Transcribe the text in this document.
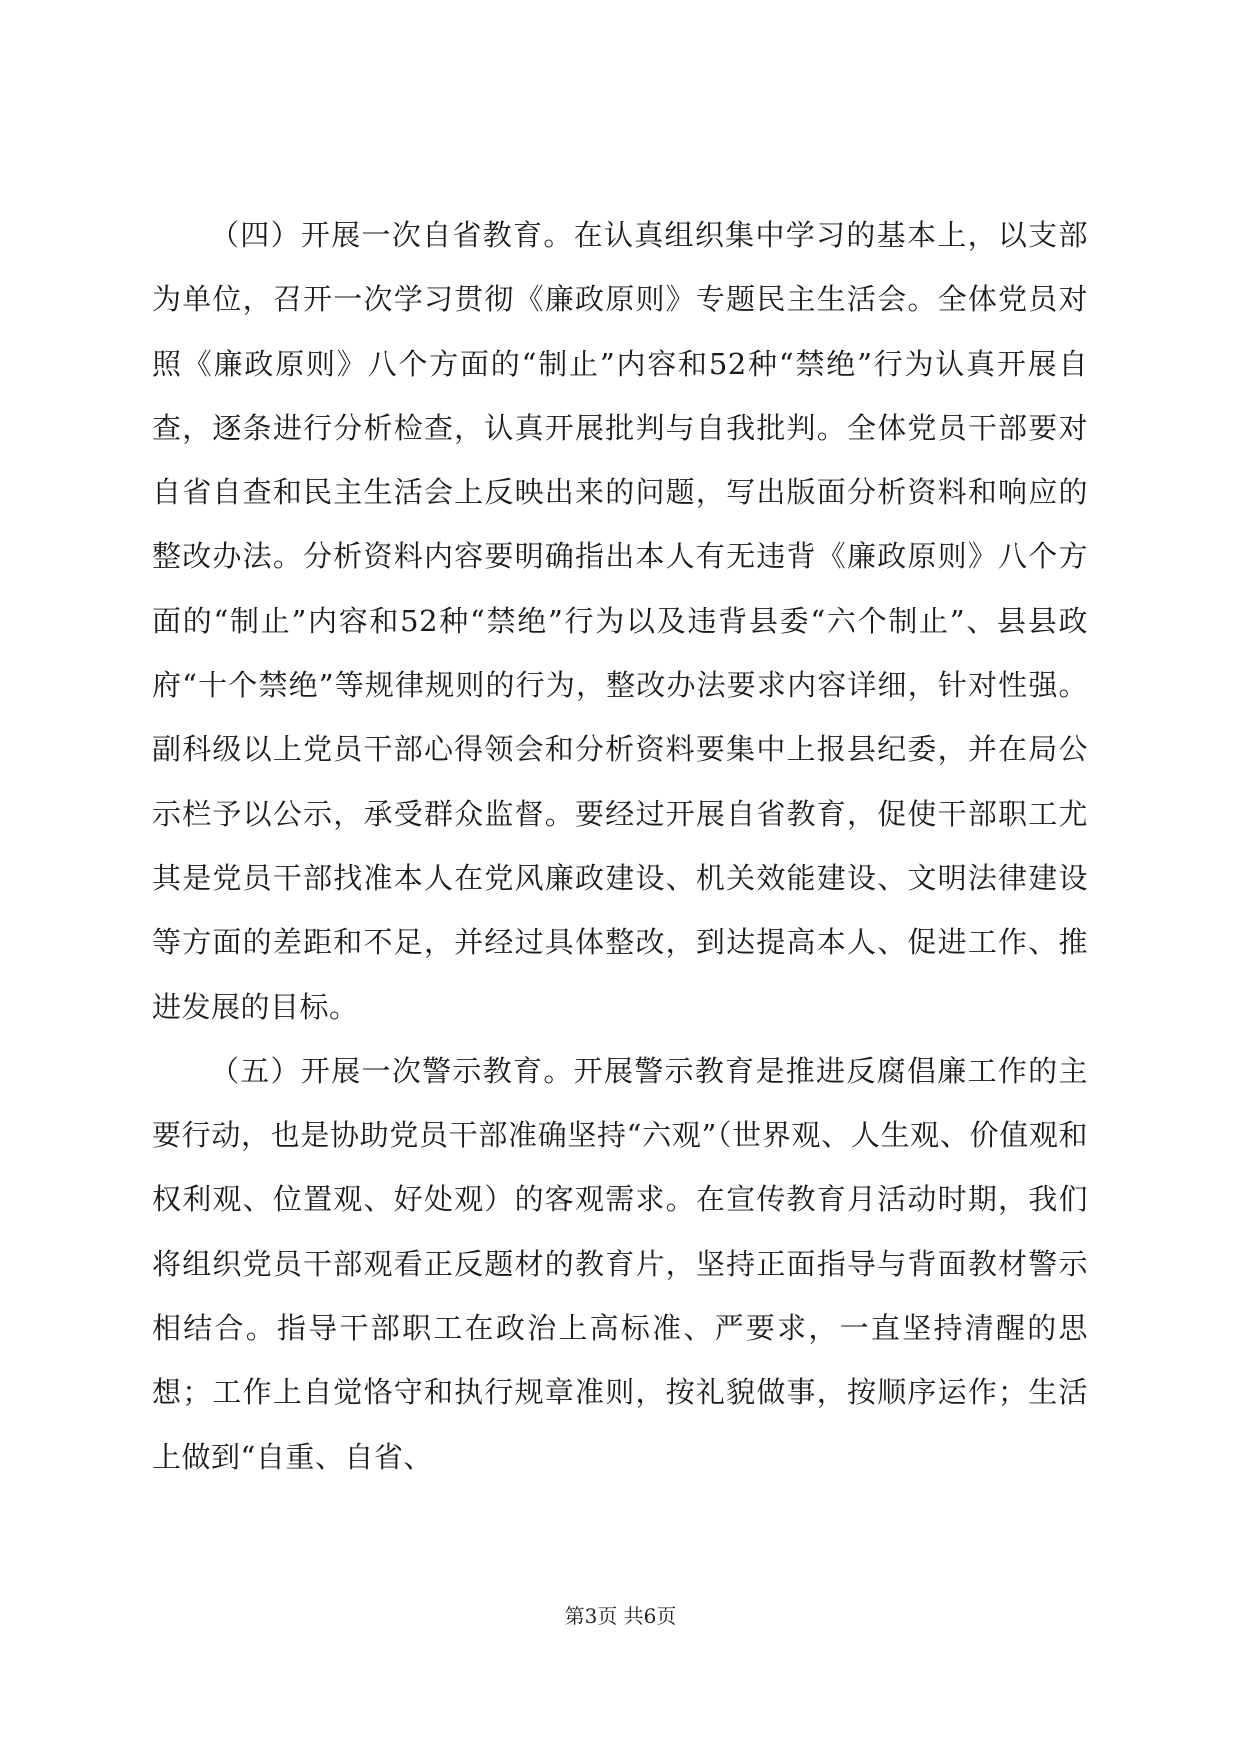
（四）开展一次自省教育。在认真组织集中学习的基本上，以支部为单位，召开一次学习贯彻《廉政原则》专题民主生活会。全体党员对照《廉政原则》八个方面的“制止”内容和52种“禁绝”行为认真开展自查，逐条进行分析检查，认真开展批判与自我批判。全体党员干部要对自省自查和民主生活会上反映出来的问题，写出版面分析资料和响应的整改办法。分析资料内容要明确指出本人有无违背《廉政原则》八个方面的“制止”内容和52种“禁绝”行为以及违背县委“六个制止”、县县政府“十个禁绝”等规律规则的行为，整改办法要求内容详细，针对性强。副科级以上党员干部心得领会和分析资料要集中上报县纪委，并在局公示栏予以公示，承受群众监督。要经过开展自省教育，促使干部职工尤其是党员干部找准本人在党风廉政建设、机关效能建设、文明法律建设等方面的差距和不足，并经过具体整改，到达提高本人、促进工作、推进发展的目标。

（五）开展一次警示教育。开展警示教育是推进反腐倡廉工作的主要行动，也是协助党员干部准确坚持“六观”（世界观、人生观、价值观和权利观、位置观、好处观）的客观需求。在宣传教育月活动时期，我们将组织党员干部观看正反题材的教育片，坚持正面指导与背面教材警示相结合。指导干部职工在政治上高标准、严要求，一直坚持清醒的思想；工作上自觉恪守和执行规章准则，按礼貌做事，按顺序运作；生活上做到“自重、自省、

第3页 共6页
